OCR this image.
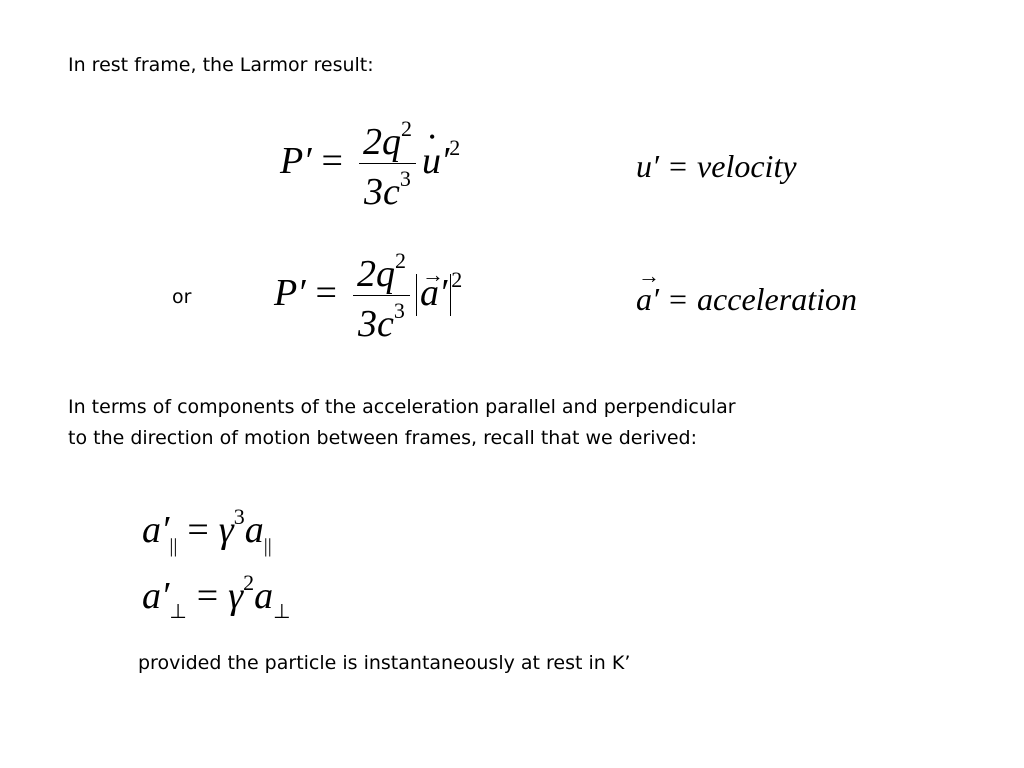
In rest frame, the Larmor result:
$P' = \frac{2q^2}{3c^3}$
• $u'^2$
u′ = velocity
or $P' = \frac{2q^2}{3c^3}$
→ a′ $^2$
→ a′ = acceleration
In terms of components of the acceleration parallel and perpendicular
to the direction of motion between frames, recall that we derived:
$a'_{||} = \gamma^3a_{||}$
$a'_\perp = \gamma^2a_\perp$
provided the particle is instantaneously at rest in K’
